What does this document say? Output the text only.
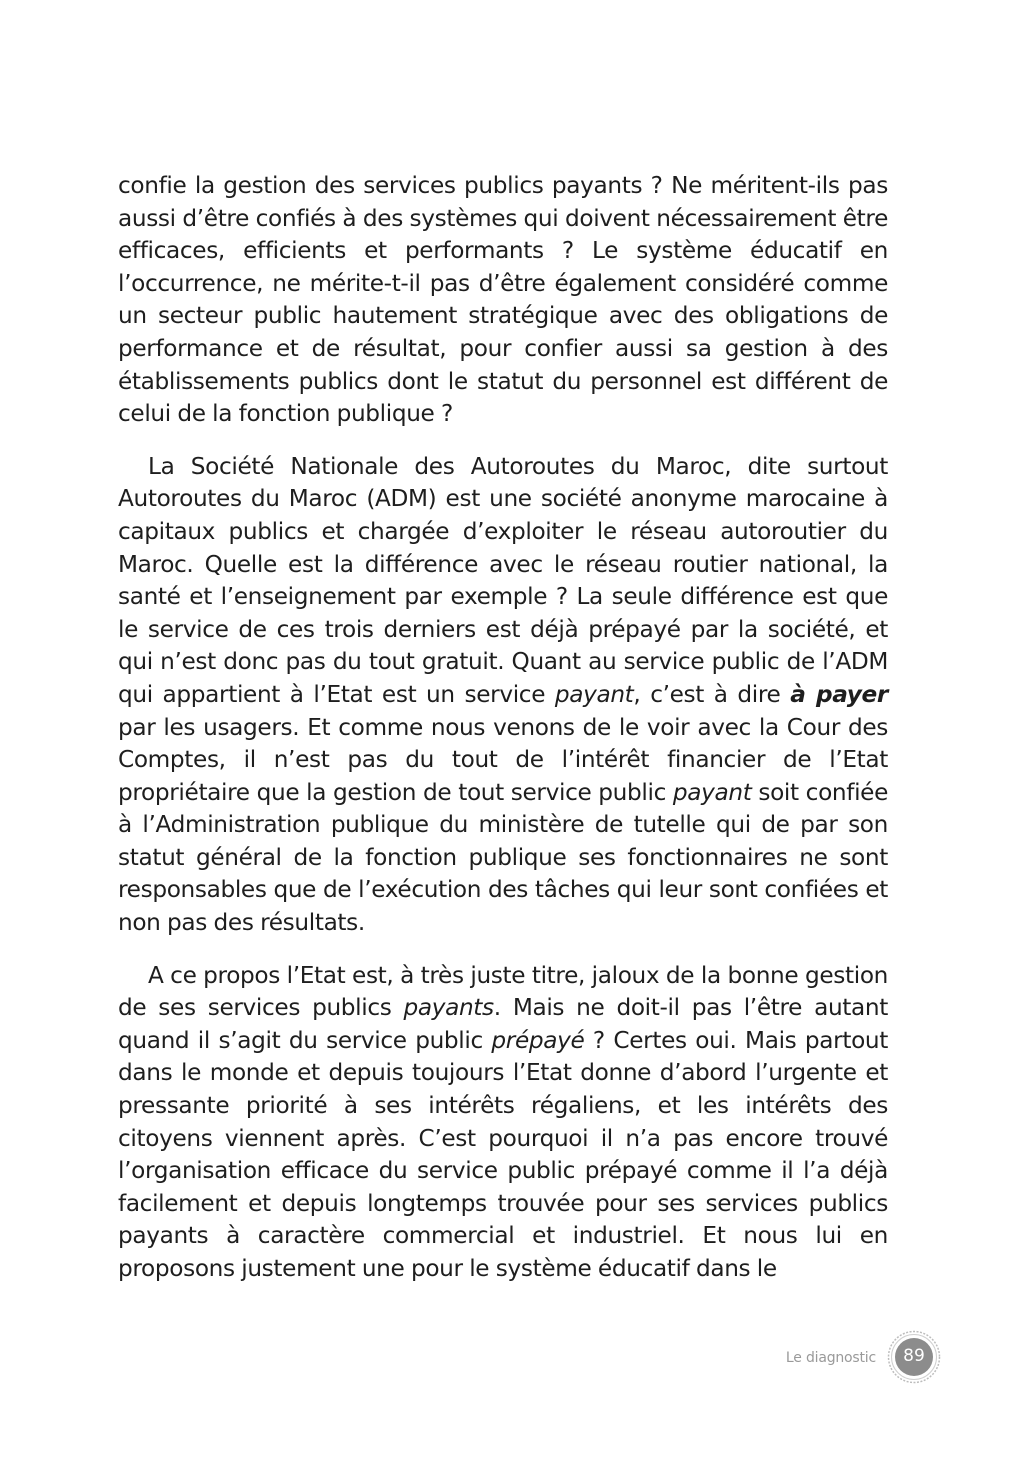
confie la gestion des services publics payants ? Ne méritent-ils pas aussi d’être confiés à des systèmes qui doivent nécessairement être efficaces, efficients et performants ? Le système éducatif en l’occurrence, ne mérite-t-il pas d’être également considéré comme un secteur public hautement stratégique avec des obligations de performance et de résultat, pour confier aussi sa gestion à des établissements publics dont le statut du personnel est différent de celui de la fonction publique ?

La Société Nationale des Autoroutes du Maroc, dite surtout Autoroutes du Maroc (ADM) est une société anonyme marocaine à capitaux publics et chargée d’exploiter le réseau autoroutier du Maroc. Quelle est la différence avec le réseau routier national, la santé et l’enseignement par exemple ? La seule différence est que le service de ces trois derniers est déjà prépayé par la société, et qui n’est donc pas du tout gratuit. Quant au service public de l’ADM qui appartient à l’Etat est un service payant, c’est à dire à payer par les usagers. Et comme nous venons de le voir avec la Cour des Comptes, il n’est pas du tout de l’intérêt financier de l’Etat propriétaire que la gestion de tout service public payant soit confiée à l’Administration publique du ministère de tutelle qui de par son statut général de la fonction publique ses fonctionnaires ne sont responsables que de l’exécution des tâches qui leur sont confiées et non pas des résultats.

A ce propos l’Etat est, à très juste titre, jaloux de la bonne gestion de ses services publics payants. Mais ne doit-il pas l’être autant quand il s’agit du service public prépayé ? Certes oui. Mais partout dans le monde et depuis toujours l’Etat donne d’abord l’urgente et pressante priorité à ses intérêts régaliens, et les intérêts des citoyens viennent après. C’est pourquoi il n’a pas encore trouvé l’organisation efficace du service public prépayé comme il l’a déjà facilement et depuis longtemps trouvée pour ses services publics payants à caractère commercial et industriel. Et nous lui en proposons justement une pour le système éducatif dans le

Le diagnostic	89
